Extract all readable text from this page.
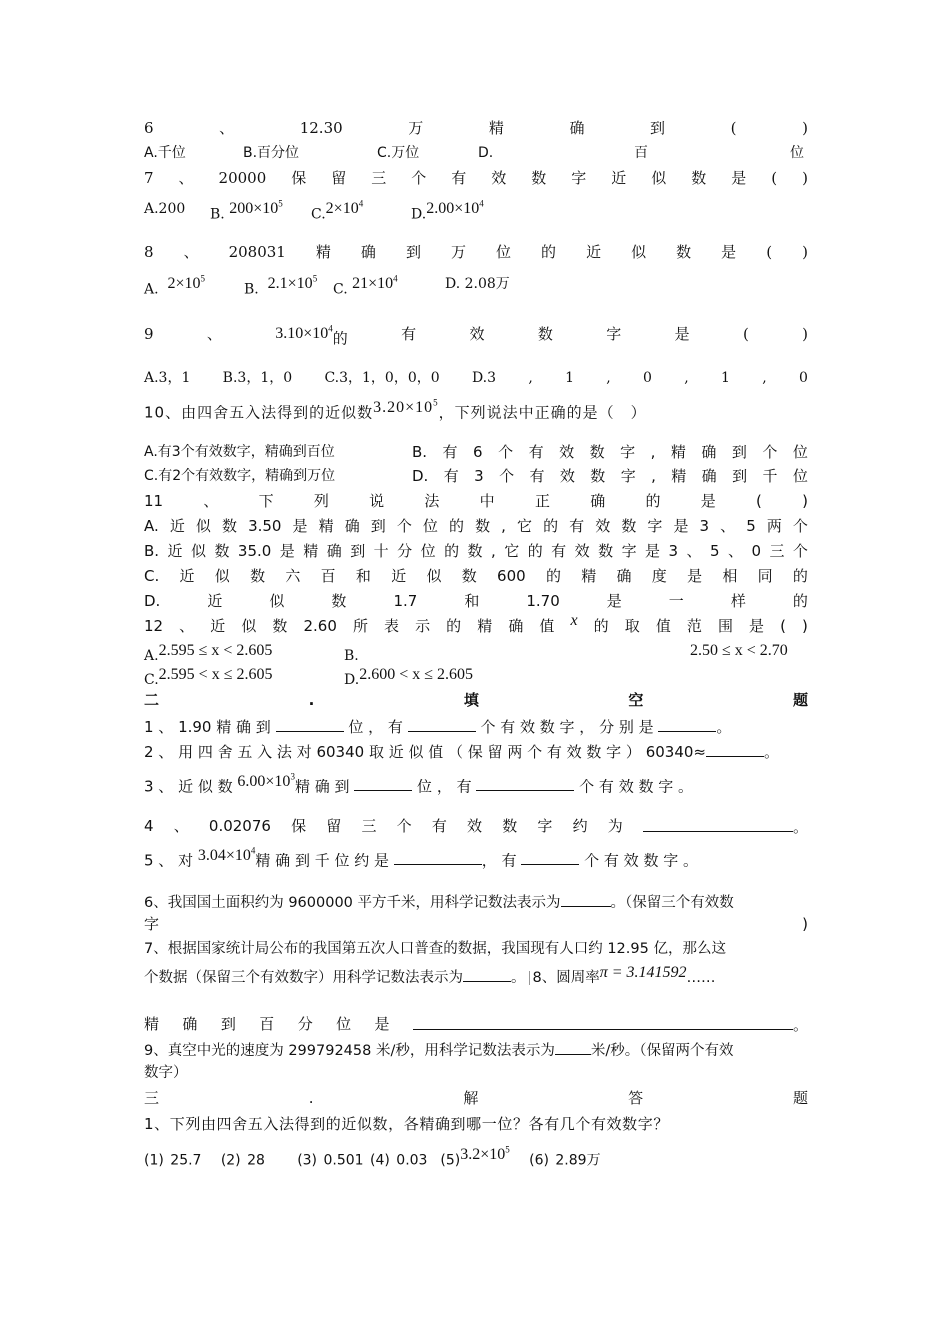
6	、	12.30	万	精	确	到	(	)
A.千位	B.百分位	C.万位	D.	百	位
7 、 20000 保 留 三 个 有 效 数 字 近 似 数 是 ( )
A.200 B. $200\times 10^5$
$C.2\times 10^4$
$D.2.00\times 10^4$
8 、 208031 精 确 到 万 位 的 近 似 数 是 ( )
A. $2\times 10^5$
B. $2.1\times 10^5$
C. $21\times 10^4$	D. 2.08万
9	、	$3.10\times 10^4$的	有	效	数	字	是	(	)
A.3，1 B.3，1，0 C.3，1，0，0，0 D.3 , 1 , 0 , 1 , 0
10、由四舍五入法得到的近似数$3.20\times 10^5$，下列说法中正确的是（　）
A.有3个有效数字，精确到百位	B. 有 6 个 有 效 数 字 , 精 确 到 个 位
C.有2个有效数字，精确到万位	D. 有 3 个 有 效 数 字 , 精 确 到 千 位
11	、	下	列	说	法	中	正	确	的	是	(	)
A. 近 似 数 3.50 是 精 确 到 个 位 的 数 , 它 的 有 效 数 字 是 3 、 5 两 个
B. 近 似 数 35.0 是 精 确 到 十 分 位 的 数 , 它 的 有 效 数 字 是 3 、 5 、 0 三 个
C. 近 似 数 六 百 和 近 似 数 600 的 精 确 度 是 相 同 的
D.	近	似	数	1.7	和	1.70	是	一	样	的
12 、 近 似 数 2.60 所 表 示 的 精 确 值 x 的 取 值 范 围 是 ( )
A.2.595 ≤ x < 2.605	B.	2.50 ≤ x < 2.70
C.2.595 < x ≤ 2.605	D.2.600 < x ≤ 2.605
二	.	填	空	题
1 、 1.90 精 确 到	位 ， 有	个 有 效 数 字 ， 分 别 是	。
2 、 用 四 舍 五 入 法 对 60340 取 近 似 值 （ 保 留 两 个 有 效 数 字 ） 60340≈	。
3 、 近 似 数 $6.00\times 10^3$精 确 到	位 ， 有	个 有 效 数 字 。
4 、 0.02076 保 留 三 个 有 效 数 字 约 为	。
5 、 对 $3.04\times 10^4$精 确 到 千 位 约 是	， 有	个 有 效 数 字 。
6、我国国土面积约为 9600000 平方千米，用科学记数法表示为	。（保留三个有效数
字	)
7、根据国家统计局公布的我国第五次人口普查的数据，我国现有人口约 12.95 亿，那么这
个数据（保留三个有效数字）用科学记数法表示为	。 8、圆周率π = 3.141592……
精 确 到 百 分 位 是	。
9、真空中光的速度为 299792458 米/秒，用科学记数法表示为 米/秒。（保留两个有效
数字）
三	.	解	答	题
1、下列由四舍五入法得到的近似数，各精确到哪一位？各有几个有效数字？
(1) 25.7 (2) 28 (3) 0.501 (4) 0.03 $(5)3.2\times 10^5$   (6) 2.89万
